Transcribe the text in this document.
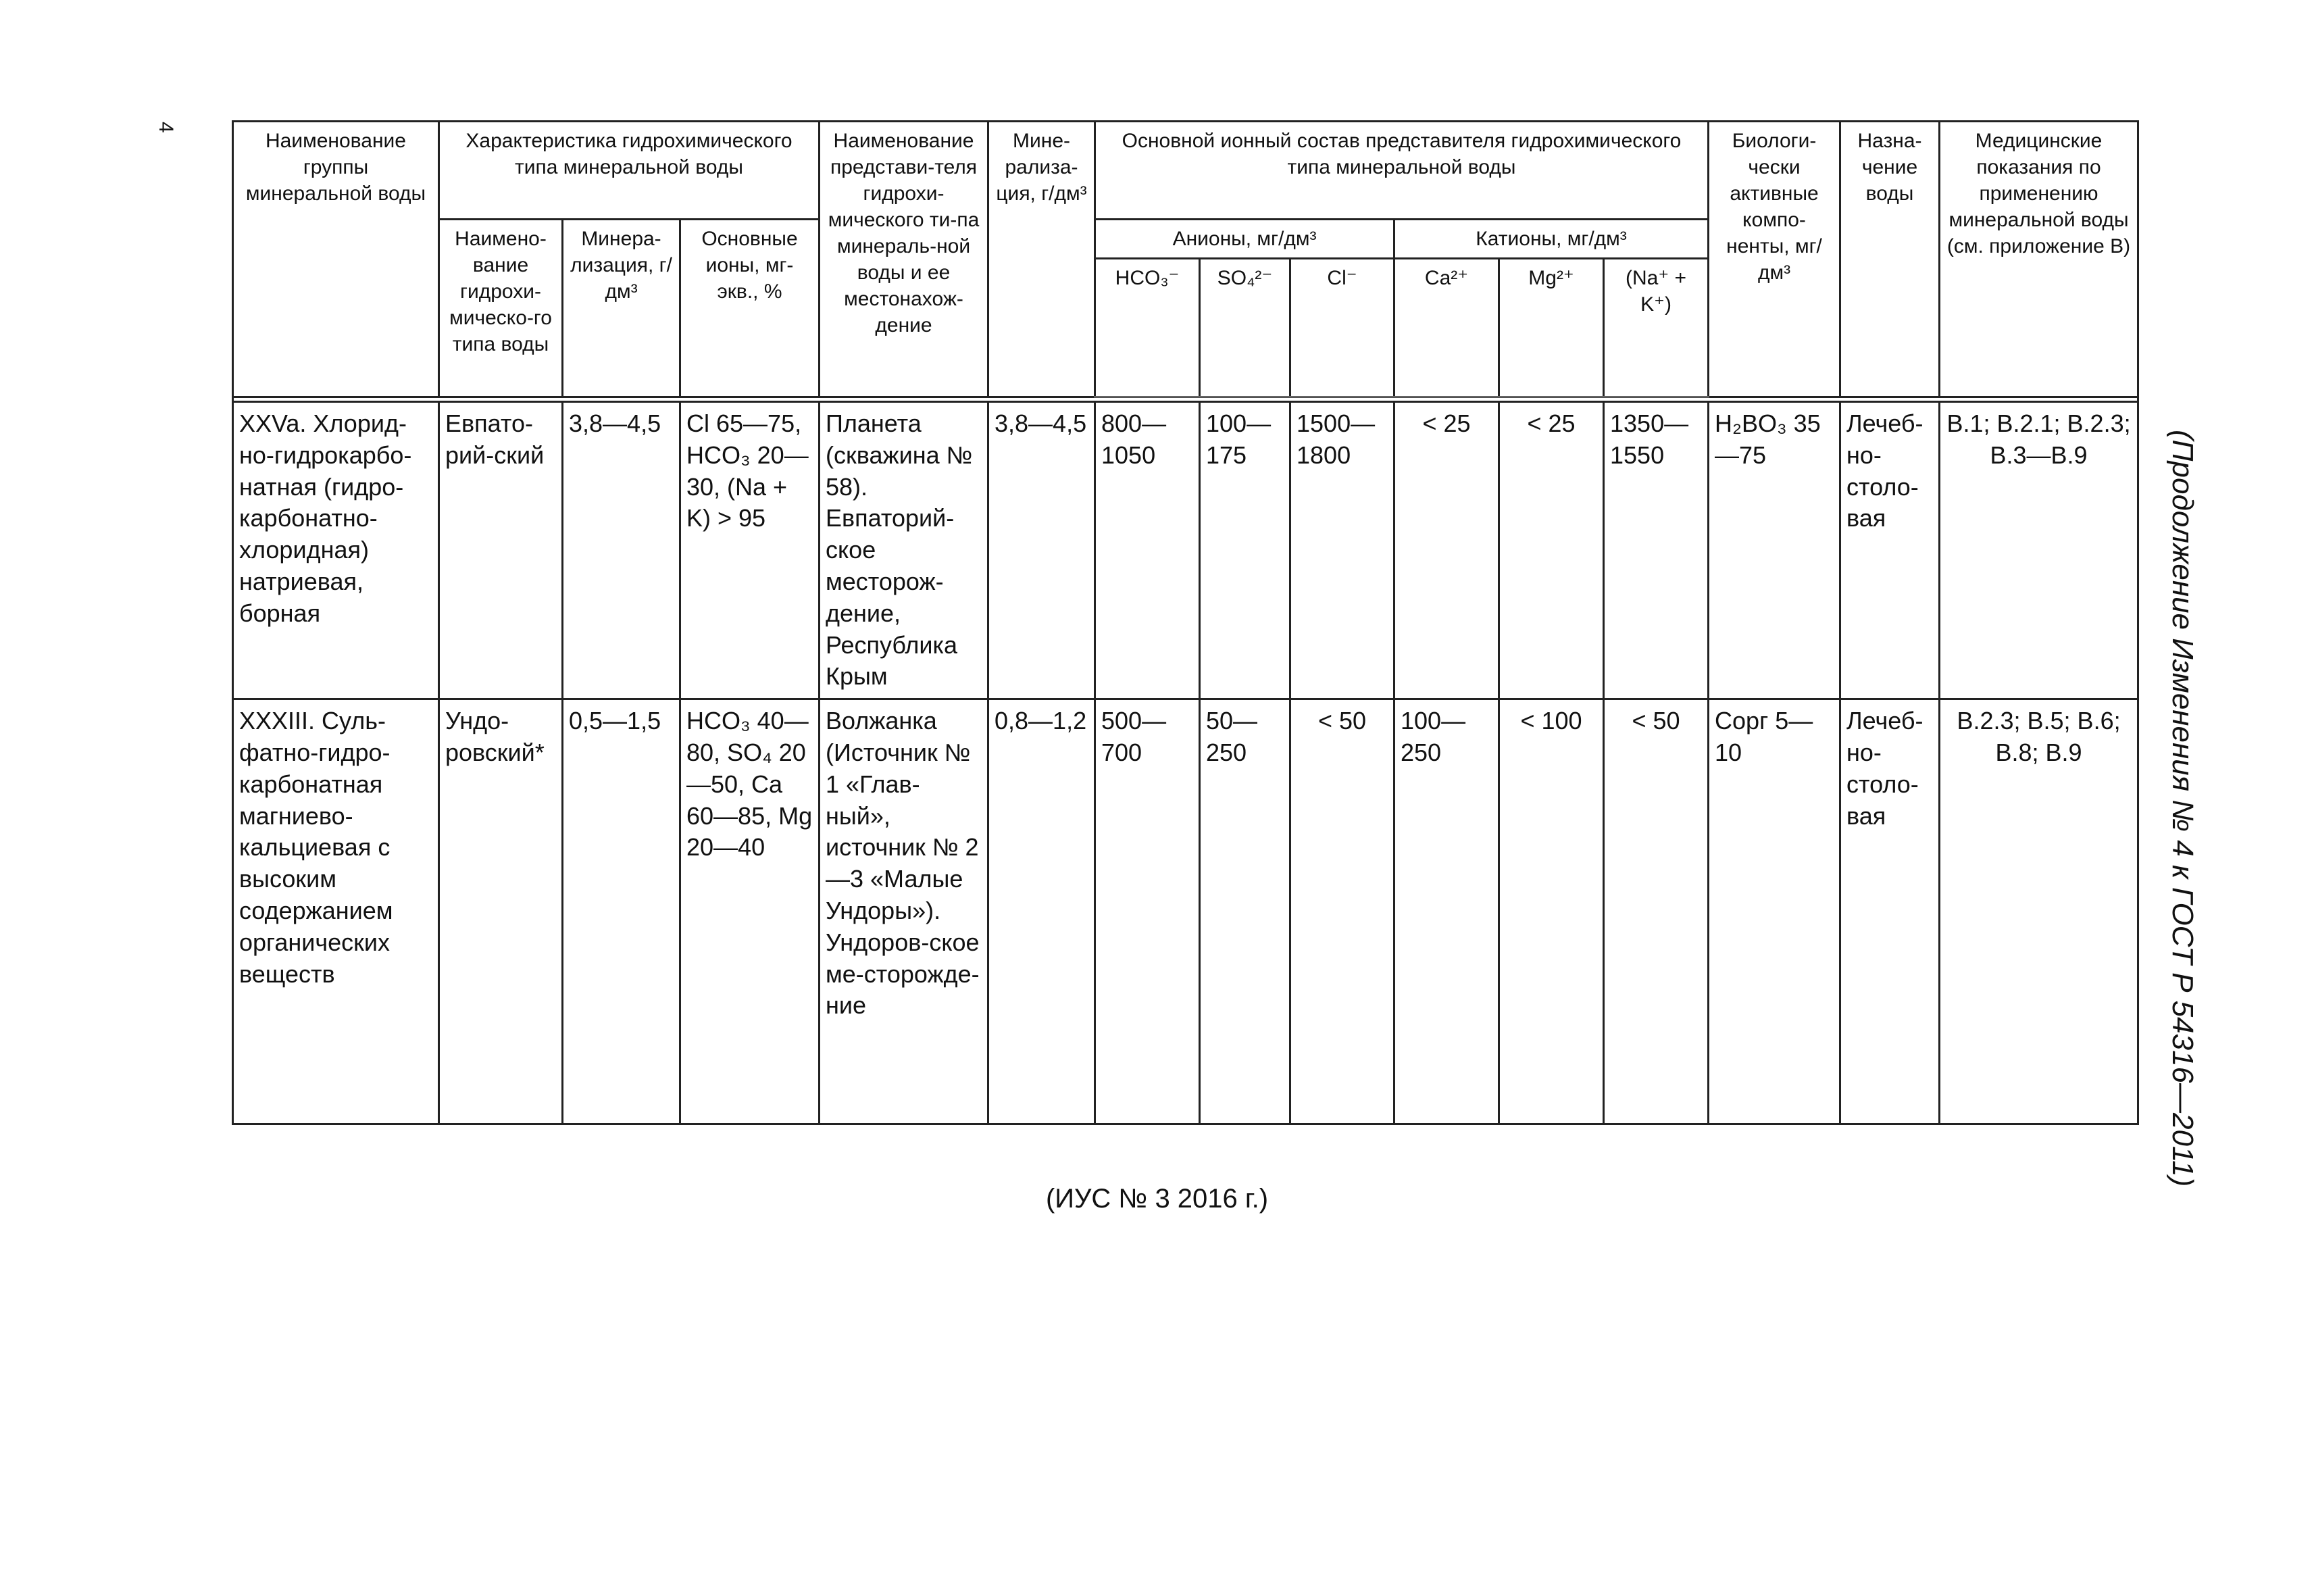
4
(Продолжение Изменения № 4 к ГОСТ Р 54316—2011)
Наименование группы минеральной воды	Характеристика гидрохимического типа минеральной воды			Наименование представи-теля гидрохи-мического ти-па минераль-ной воды и ее местонахож-дение	Мине-рализа-ция, г/дм³	Основной ионный состав представителя гидрохимического типа минеральной воды						Биологи-чески активные компо-ненты, мг/дм³	Назна-чение воды	Медицинские показания по применению минеральной воды (см. приложение В)
	Наимено-вание гидрохи-мическо-го типа воды	Минера-лизация, г/дм³	Основные ионы, мг-экв., %			Анионы, мг/дм³			Катионы, мг/дм³					
						HCO₃⁻	SO₄²⁻	Cl⁻	Ca²⁺	Mg²⁺	(Na⁺ + K⁺)			

XXVa. Хлорид-но-гидрокарбо-натная (гидро-карбонатно-хлоридная) натриевая, борная	Евпато-рий-ский	3,8—4,5	Cl 65—75, HCO₃ 20—30, (Na + K) > 95	Планета (скважина № 58). Евпаторий-ское месторож-дение, Республика Крым	3,8—4,5	800—1050	100—175	1500—1800	< 25	< 25	1350—1550	H₂BO₃ 35—75	Лечеб-но-столо-вая	В.1; В.2.1; В.2.3; В.3—В.9
XXXIII. Суль-фатно-гидро-карбонатная магниево-кальциевая с высоким содержанием органических веществ	Ундо-ровский*	0,5—1,5	HCO₃ 40—80, SO₄ 20—50, Ca 60—85, Mg 20—40	Волжанка (Источник № 1 «Глав-ный», источник № 2—3 «Малые Ундоры»). Ундоров-ское ме-сторожде-ние	0,8—1,2	500—700	50—250	< 50	100—250	< 100	< 50	Cорг 5—10	Лечеб-но-столо-вая	В.2.3; В.5; В.6; В.8; В.9
(ИУС № 3 2016 г.)
